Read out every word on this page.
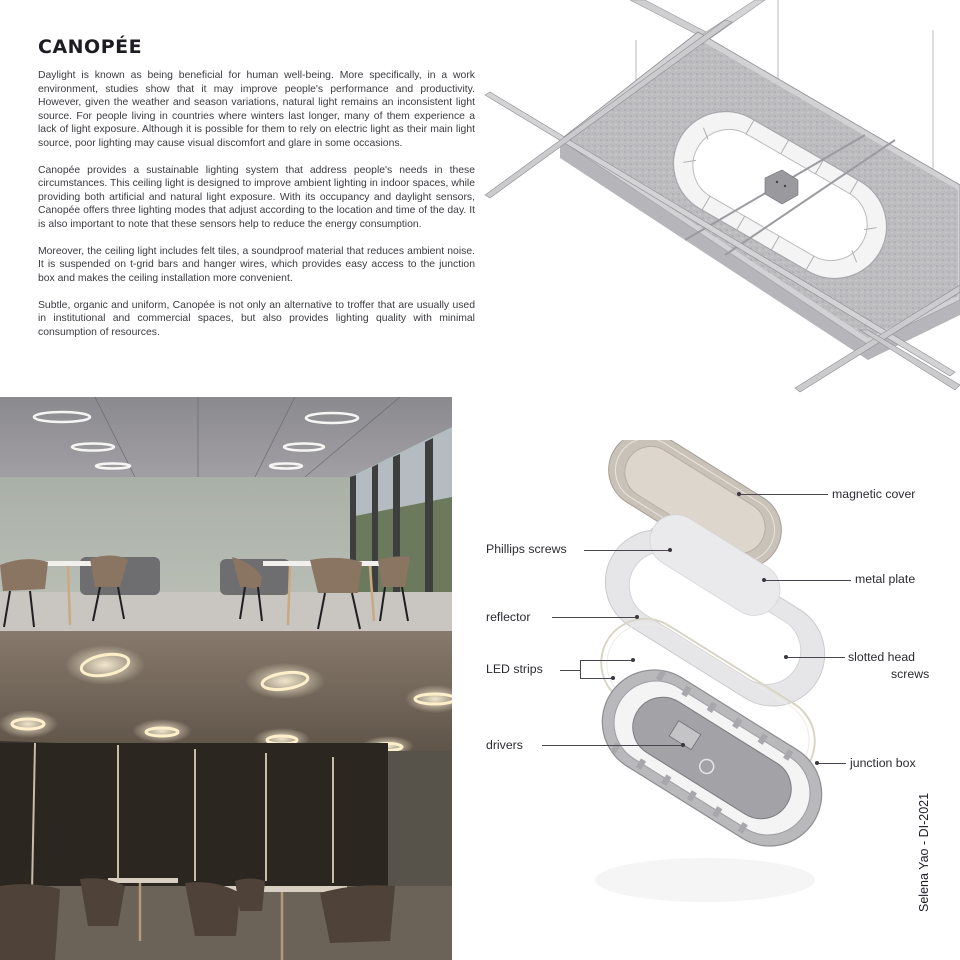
CANOPÉE

Daylight is known as being beneficial for human well-being. More specifically, in a work environment, studies show that it may improve people's performance and productivity. However, given the weather and season variations, natural light remains an inconsistent light source. For people living in countries where winters last longer, many of them experience a lack of light exposure. Although it is possible for them to rely on electric light as their main light source, poor lighting may cause visual discomfort and glare in some occasions.

Canopée provides a sustainable lighting system that address people's needs in these circumstances. This ceiling light is designed to improve ambient lighting in indoor spaces, while providing both artificial and natural light exposure. With its occupancy and daylight sensors, Canopée offers three lighting modes that adjust according to the location and time of the day. It is also important to note that these sensors help to reduce the energy consumption.

Moreover, the ceiling light includes felt tiles, a soundproof material that reduces ambient noise. It is suspended on t-grid bars and hanger wires, which provides easy access to the junction box and makes the ceiling installation more convenient.

Subtle, organic and uniform, Canopée is not only an alternative to troffer that are usually used in institutional and commercial spaces, but also provides lighting quality with minimal consumption of resources.

magnetic cover
Phillips screws
metal plate
reflector
slotted head
screws
LED strips
drivers
junction box
Selena Yao - DI-2021
